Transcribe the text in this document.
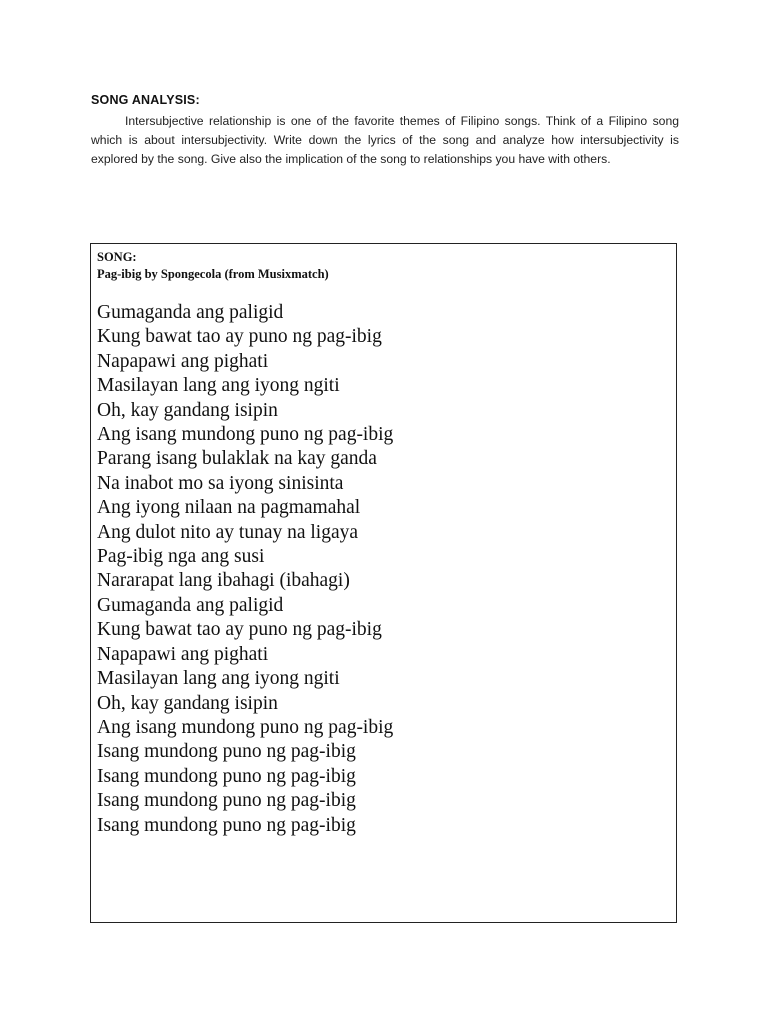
SONG ANALYSIS:
Intersubjective relationship is one of the favorite themes of Filipino songs. Think of a Filipino song which is about intersubjectivity. Write down the lyrics of the song and analyze how intersubjectivity is explored by the song. Give also the implication of the song to relationships you have with others.
SONG:
Pag-ibig by Spongecola (from Musixmatch)
Gumaganda ang paligid
Kung bawat tao ay puno ng pag-ibig
Napapawi ang pighati
Masilayan lang ang iyong ngiti
Oh, kay gandang isipin
Ang isang mundong puno ng pag-ibig
Parang isang bulaklak na kay ganda
Na inabot mo sa iyong sinisinta
Ang iyong nilaan na pagmamahal
Ang dulot nito ay tunay na ligaya
Pag-ibig nga ang susi
Nararapat lang ibahagi (ibahagi)
Gumaganda ang paligid
Kung bawat tao ay puno ng pag-ibig
Napapawi ang pighati
Masilayan lang ang iyong ngiti
Oh, kay gandang isipin
Ang isang mundong puno ng pag-ibig
Isang mundong puno ng pag-ibig
Isang mundong puno ng pag-ibig
Isang mundong puno ng pag-ibig
Isang mundong puno ng pag-ibig
